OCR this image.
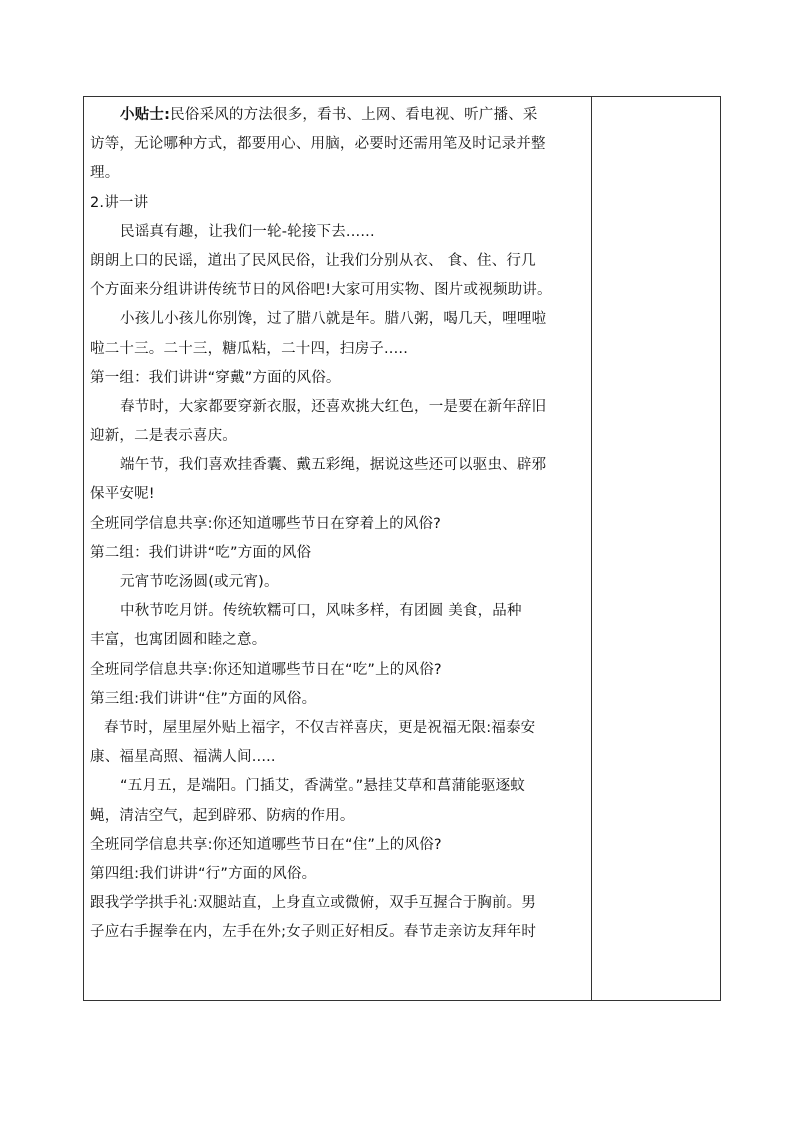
小贴士:民俗采风的方法很多，看书、上网、看电视、听广播、采
访等，无论哪种方式，都要用心、用脑，必要时还需用笔及时记录并整
理。
2.讲一讲
民谣真有趣，让我们一轮-轮接下去......
朗朗上口的民谣，道出了民风民俗，让我们分别从衣、 食、住、行几
个方面来分组讲讲传统节日的风俗吧!大家可用实物、图片或视频助讲。
小孩儿小孩儿你别馋，过了腊八就是年。腊八粥，喝几天，哩哩啦
啦二十三。二十三，糖瓜粘，二十四，扫房子.....
第一组：我们讲讲“穿戴”方面的风俗。
春节时，大家都要穿新衣服，还喜欢挑大红色，一是要在新年辞旧
迎新，二是表示喜庆。
端午节，我们喜欢挂香囊、戴五彩绳，据说这些还可以驱虫、辟邪
保平安呢!
全班同学信息共享:你还知道哪些节日在穿着上的风俗?
第二组：我们讲讲“吃”方面的风俗
元宵节吃汤圆(或元宵)。
中秋节吃月饼。传统软糯可口，风味多样，有团圆 美食，品种
丰富，也寓团圆和睦之意。
全班同学信息共享:你还知道哪些节日在“吃”上的风俗?
第三组:我们讲讲“住”方面的风俗。
春节时，屋里屋外贴上福字，不仅吉祥喜庆，更是祝福无限:福泰安
康、福星高照、福满人间.....
“五月五，是端阳。门插艾，香满堂。”悬挂艾草和菖蒲能驱逐蚊
蝇，清洁空气，起到辟邪、防病的作用。
全班同学信息共享:你还知道哪些节日在“住”上的风俗?
第四组:我们讲讲“行”方面的风俗。
跟我学学拱手礼:双腿站直，上身直立或微俯，双手互握合于胸前。男
子应右手握拳在内，左手在外;女子则正好相反。春节走亲访友拜年时
